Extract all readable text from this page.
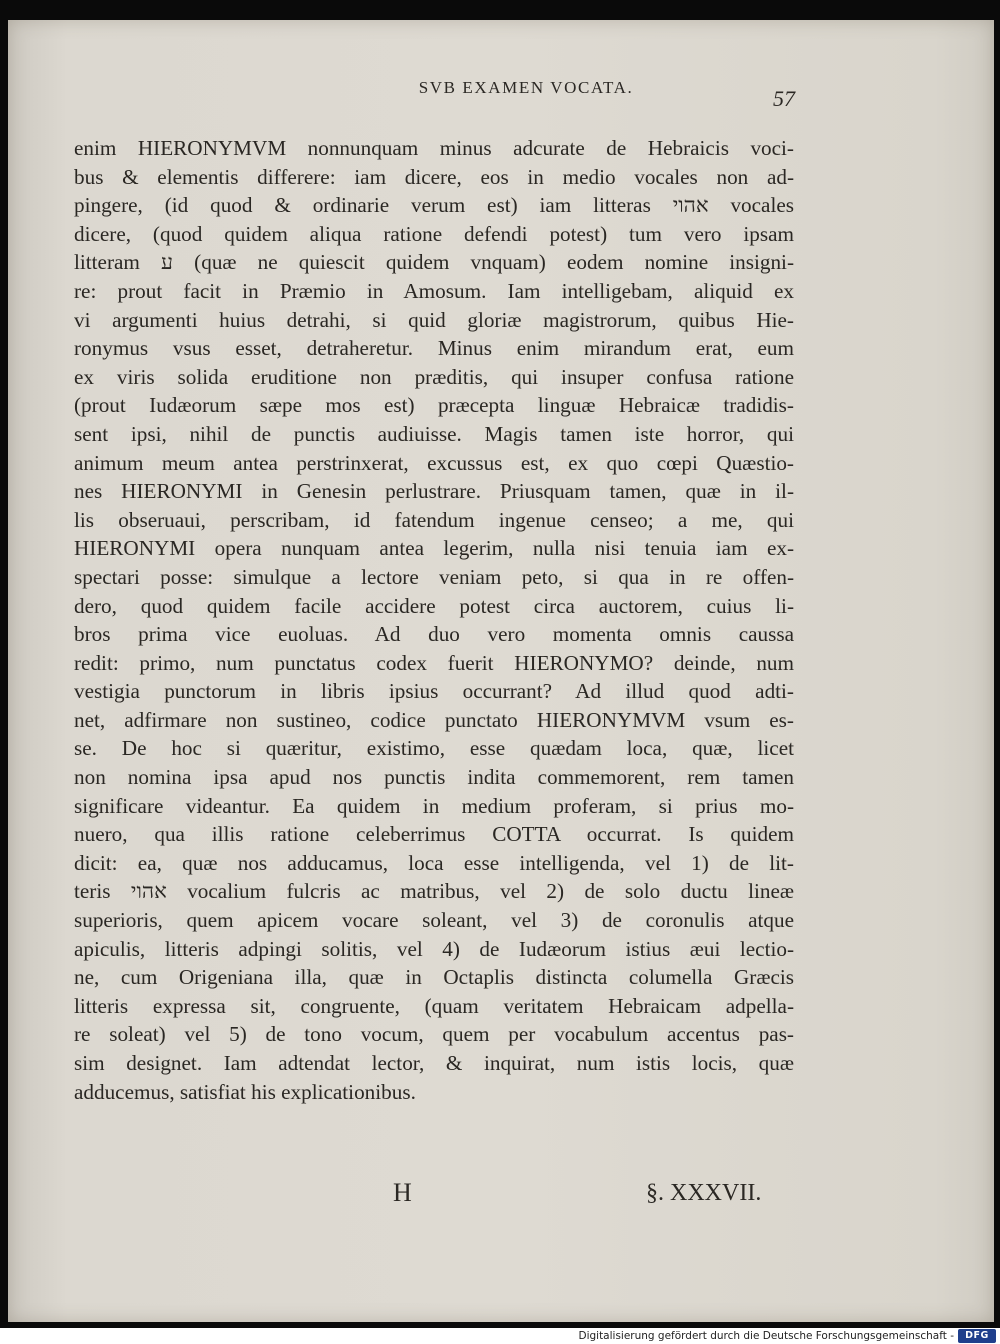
SVB EXAMEN VOCATA.	57
enim HIERONYMVM nonnunquam minus adcurate de Hebraicis voci-
bus & elementis differere: iam dicere, eos in medio vocales non ad-
pingere, (id quod & ordinarie verum est) iam litteras אהוי vocales
dicere, (quod quidem aliqua ratione defendi potest) tum vero ipsam
litteram ע (quæ ne quiescit quidem vnquam) eodem nomine insigni-
re: prout facit in Præmio in Amosum. Iam intelligebam, aliquid ex
vi argumenti huius detrahi, si quid gloriæ magistrorum, quibus Hie-
ronymus vsus esset, detraheretur. Minus enim mirandum erat, eum
ex viris solida eruditione non præditis, qui insuper confusa ratione
(prout Iudæorum sæpe mos est) præcepta linguæ Hebraicæ tradidis-
sent ipsi, nihil de punctis audiuisse. Magis tamen iste horror, qui
animum meum antea perstrinxerat, excussus est, ex quo cœpi Quæstio-
nes HIERONYMI in Genesin perlustrare. Priusquam tamen, quæ in il-
lis obseruaui, perscribam, id fatendum ingenue censeo; a me, qui
HIERONYMI opera nunquam antea legerim, nulla nisi tenuia iam ex-
spectari posse: simulque a lectore veniam peto, si qua in re offen-
dero, quod quidem facile accidere potest circa auctorem, cuius li-
bros prima vice euoluas. Ad duo vero momenta omnis caussa
redit: primo, num punctatus codex fuerit HIERONYMO? deinde, num
vestigia punctorum in libris ipsius occurrant? Ad illud quod adti-
net, adfirmare non sustineo, codice punctato HIERONYMVM vsum es-
se. De hoc si quæritur, existimo, esse quædam loca, quæ, licet
non nomina ipsa apud nos punctis indita commemorent, rem tamen
significare videantur. Ea quidem in medium proferam, si prius mo-
nuero, qua illis ratione celeberrimus COTTA occurrat. Is quidem
dicit: ea, quæ nos adducamus, loca esse intelligenda, vel 1) de lit-
teris אהוי vocalium fulcris ac matribus, vel 2) de solo ductu lineæ
superioris, quem apicem vocare soleant, vel 3) de coronulis atque
apiculis, litteris adpingi solitis, vel 4) de Iudæorum istius æui lectio-
ne, cum Origeniana illa, quæ in Octaplis distincta columella Græcis
litteris expressa sit, congruente, (quam veritatem Hebraicam adpella-
re soleat) vel 5) de tono vocum, quem per vocabulum accentus pas-
sim designet. Iam adtendat lector, & inquirat, num istis locis, quæ
adducemus, satisfiat his explicationibus.
H	§. XXXVII.
Digitalisierung gefördert durch die Deutsche Forschungsgemeinschaft -	DFG
